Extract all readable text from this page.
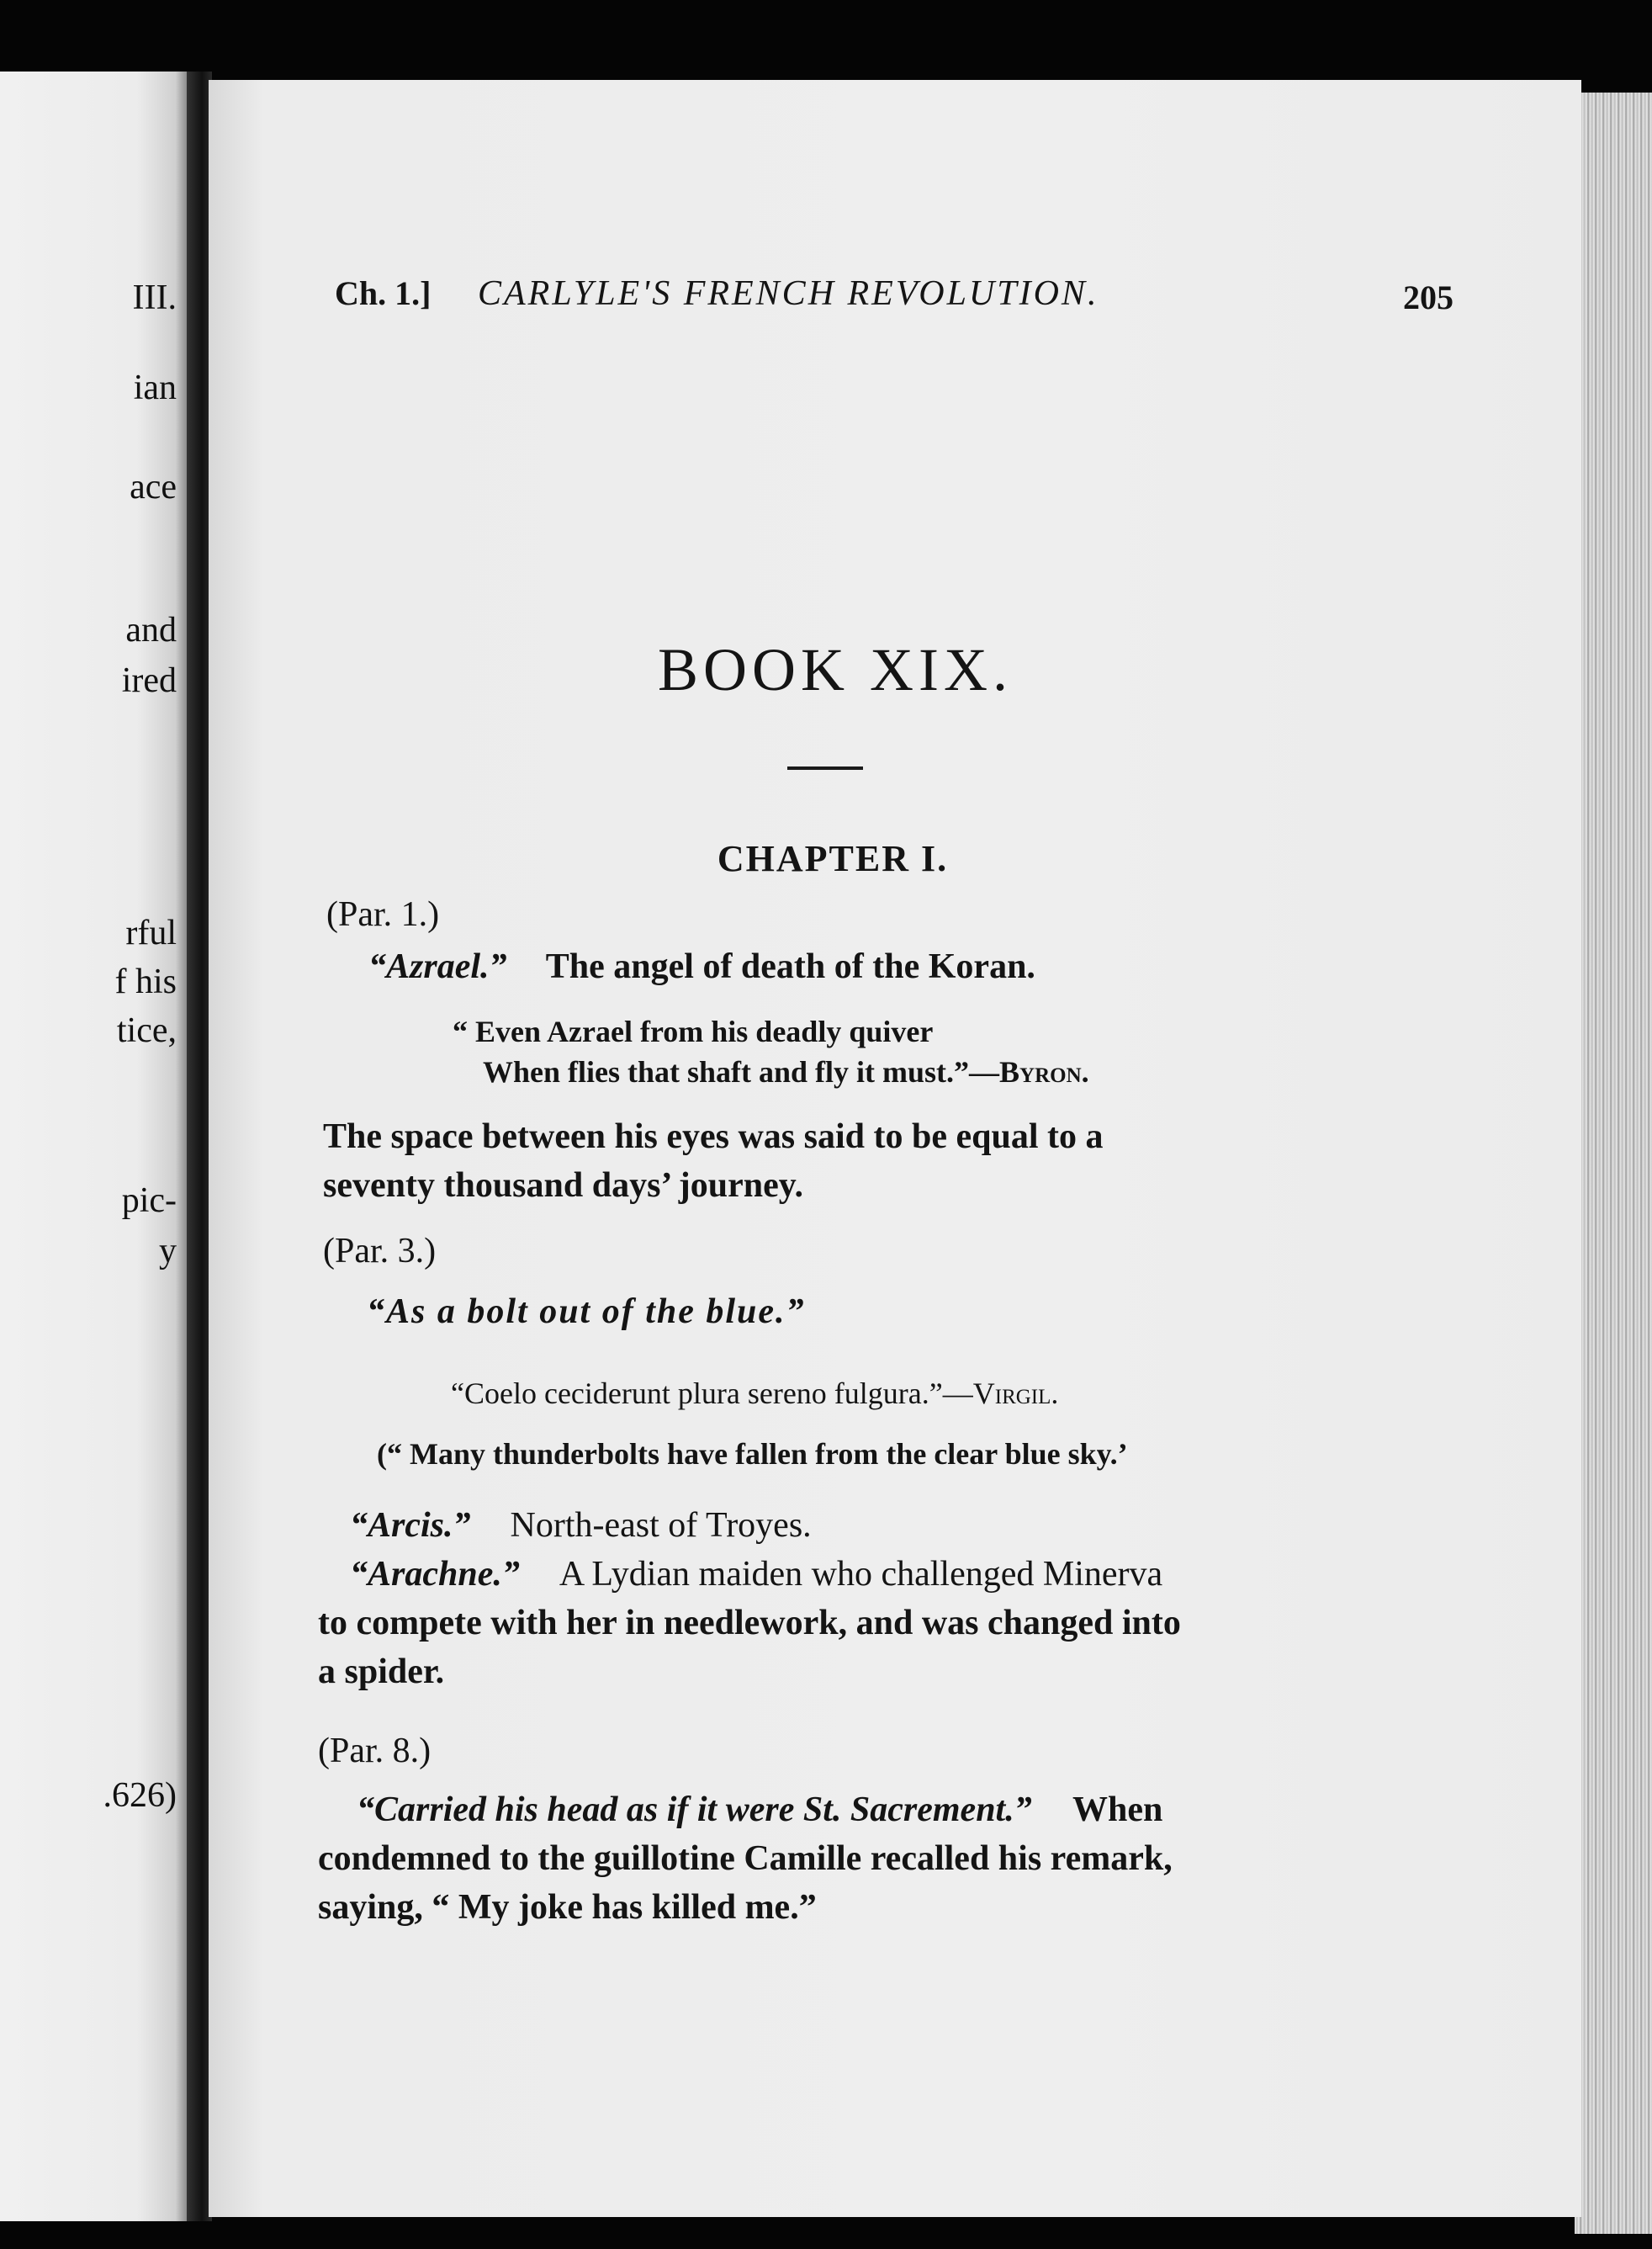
III.
ian
ace
and
ired
rful
f his
tice,
pic-
y
.626)
Ch. 1.] CARLYLE'S FRENCH REVOLUTION.	205
BOOK XIX.
CHAPTER I.
(Par. 1.)
“Azrael.” The angel of death of the Koran.
“ Even Azrael from his deadly quiver
When flies that shaft and fly it must.”—Byron.
The space between his eyes was said to be equal to a
seventy thousand days’ journey.
(Par. 3.)
“As a bolt out of the blue.”
“Coelo ceciderunt plura sereno fulgura.”—Virgil.
(“ Many thunderbolts have fallen from the clear blue sky.’
“Arcis.” North-east of Troyes.
“Arachne.” A Lydian maiden who challenged Minerva
to compete with her in needlework, and was changed into
a spider.
(Par. 8.)
“Carried his head as if it were St. Sacrement.” When
condemned to the guillotine Camille recalled his remark,
saying, “ My joke has killed me.”
